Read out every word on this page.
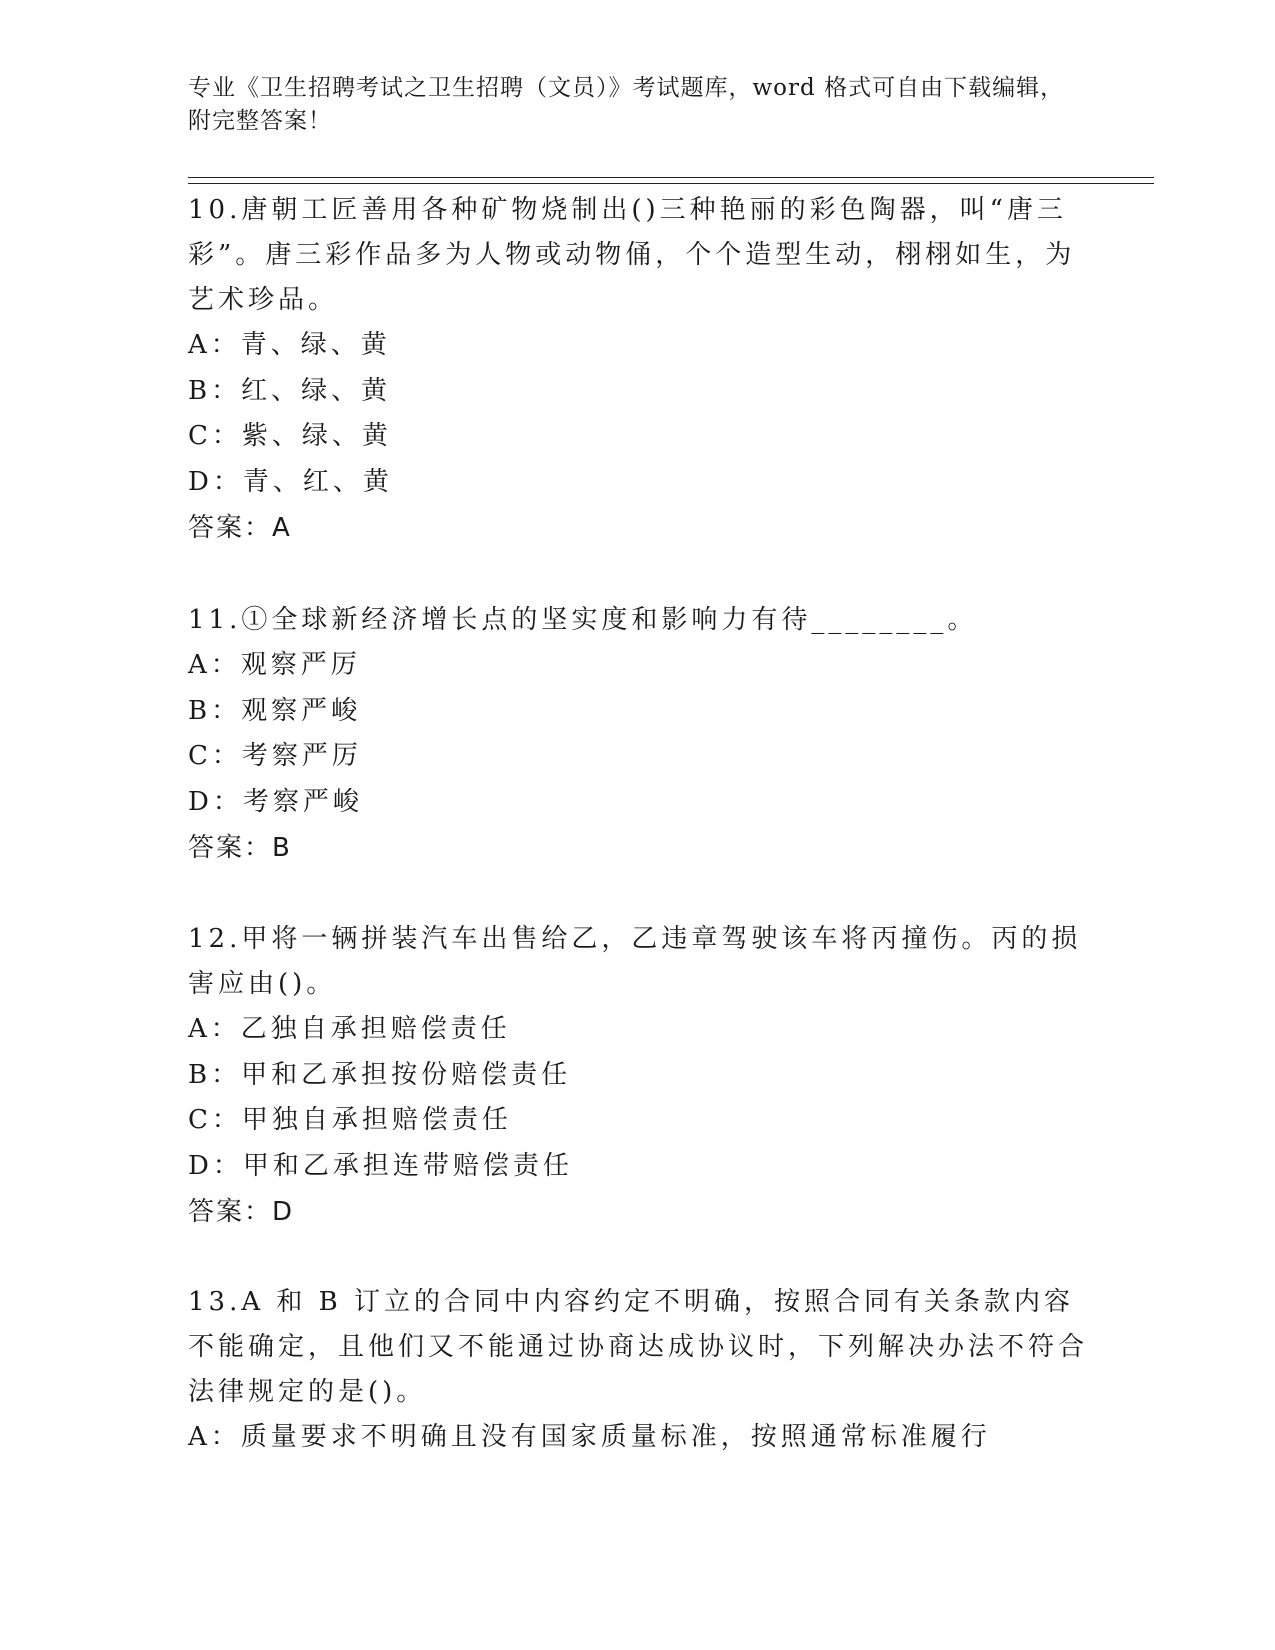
专业《卫生招聘考试之卫生招聘（文员）》考试题库，word 格式可自由下载编辑，附完整答案！

10.唐朝工匠善用各种矿物烧制出()三种艳丽的彩色陶器，叫“唐三彩”。唐三彩作品多为人物或动物俑，个个造型生动，栩栩如生，为艺术珍品。

A：青、绿、黄
B：红、绿、黄
C：紫、绿、黄
D：青、红、黄
答案：A

11.①全球新经济增长点的坚实度和影响力有待________。

A：观察严厉
B：观察严峻
C：考察严厉
D：考察严峻
答案：B

12.甲将一辆拼装汽车出售给乙，乙违章驾驶该车将丙撞伤。丙的损害应由()。

A：乙独自承担赔偿责任
B：甲和乙承担按份赔偿责任
C：甲独自承担赔偿责任
D：甲和乙承担连带赔偿责任
答案：D

13.A 和 B 订立的合同中内容约定不明确，按照合同有关条款内容不能确定，且他们又不能通过协商达成协议时，下列解决办法不符合法律规定的是()。

A：质量要求不明确且没有国家质量标准，按照通常标准履行
